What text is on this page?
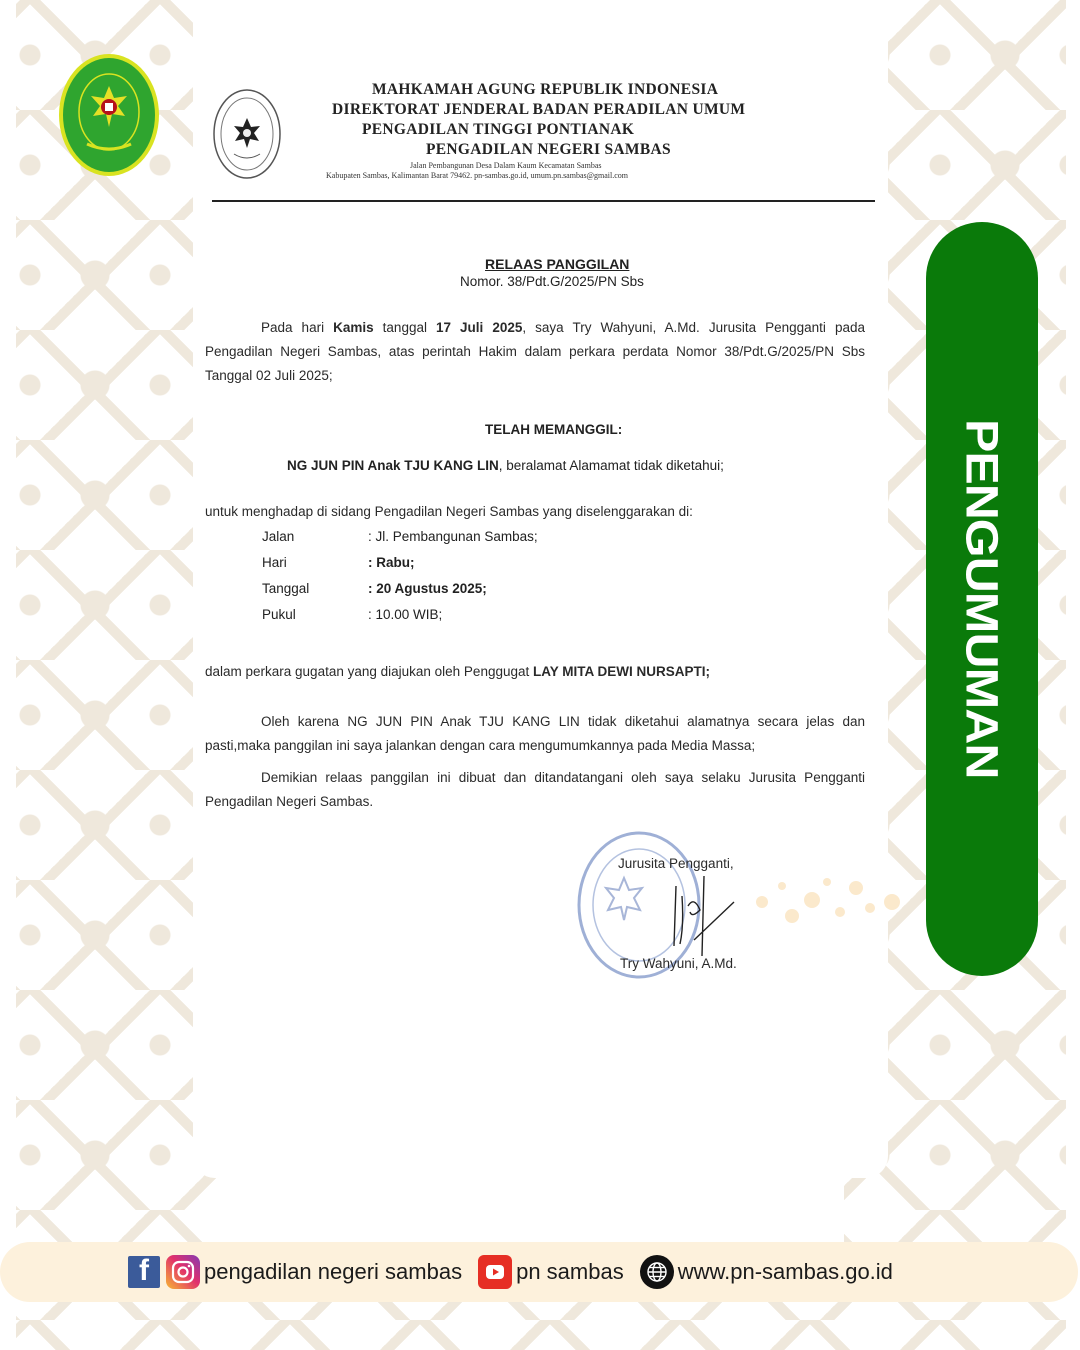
MAHKAMAH AGUNG REPUBLIK INDONESIA
DIREKTORAT JENDERAL BADAN PERADILAN UMUM
PENGADILAN TINGGI PONTIANAK
PENGADILAN NEGERI SAMBAS
Jalan Pembangunan Desa Dalam Kaum Kecamatan Sambas
Kabupaten Sambas, Kalimantan Barat 79462. pn-sambas.go.id, umum.pn.sambas@gmail.com
RELAAS PANGGILAN
Nomor. 38/Pdt.G/2025/PN Sbs
Pada hari Kamis tanggal 17 Juli 2025, saya Try Wahyuni, A.Md. Jurusita Pengganti pada Pengadilan Negeri Sambas, atas perintah Hakim dalam perkara perdata Nomor 38/Pdt.G/2025/PN Sbs Tanggal 02 Juli 2025;
TELAH MEMANGGIL:
NG JUN PIN Anak TJU KANG LIN, beralamat Alamamat tidak diketahui;
untuk menghadap di sidang Pengadilan Negeri Sambas yang diselenggarakan di:
Jalan	: Jl. Pembangunan Sambas;
Hari	: Rabu;
Tanggal	: 20 Agustus 2025;
Pukul	: 10.00 WIB;
dalam perkara gugatan yang diajukan oleh Penggugat LAY MITA DEWI NURSAPTI;
Oleh karena NG JUN PIN Anak TJU KANG LIN tidak diketahui alamatnya secara jelas dan pasti,maka panggilan ini saya jalankan dengan cara mengumumkannya pada Media Massa;
Demikian relaas panggilan ini dibuat dan ditandatangani oleh saya selaku Jurusita Pengganti Pengadilan Negeri Sambas.
Jurusita Pengganti,
Try Wahyuni, A.Md.
PENGUMUMAN
f	pengadilan negeri sambas pn sambas www.pn-sambas.go.id
